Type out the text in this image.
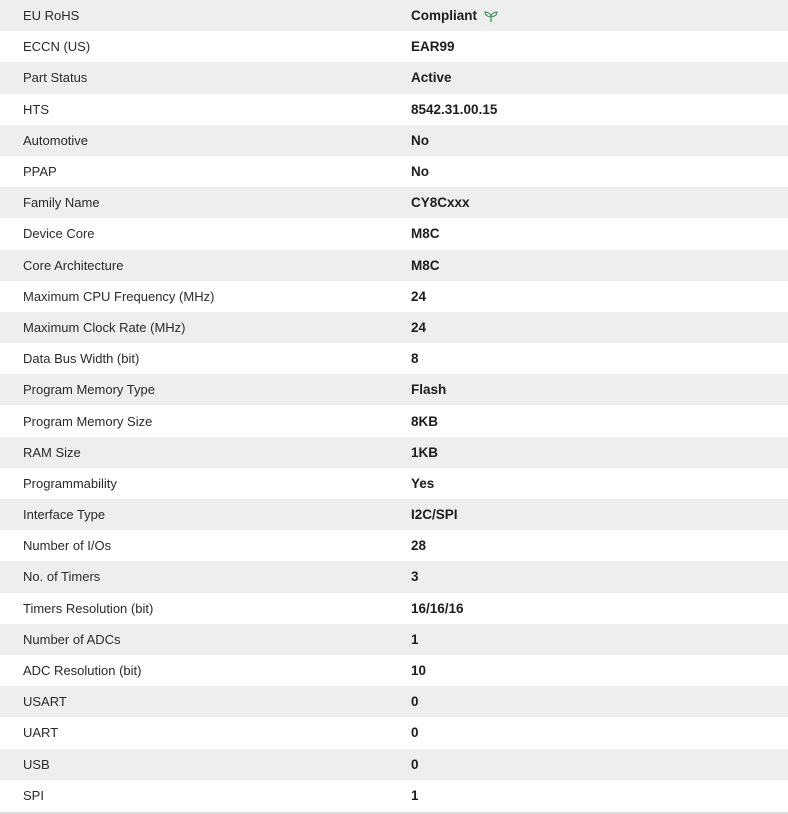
EU RoHS	Compliant
ECCN (US)	EAR99
Part Status	Active
HTS	8542.31.00.15
Automotive	No
PPAP	No
Family Name	CY8Cxxx
Device Core	M8C
Core Architecture	M8C
Maximum CPU Frequency (MHz)	24
Maximum Clock Rate (MHz)	24
Data Bus Width (bit)	8
Program Memory Type	Flash
Program Memory Size	8KB
RAM Size	1KB
Programmability	Yes
Interface Type	I2C/SPI
Number of I/Os	28
No. of Timers	3
Timers Resolution (bit)	16/16/16
Number of ADCs	1
ADC Resolution (bit)	10
USART	0
UART	0
USB	0
SPI	1
